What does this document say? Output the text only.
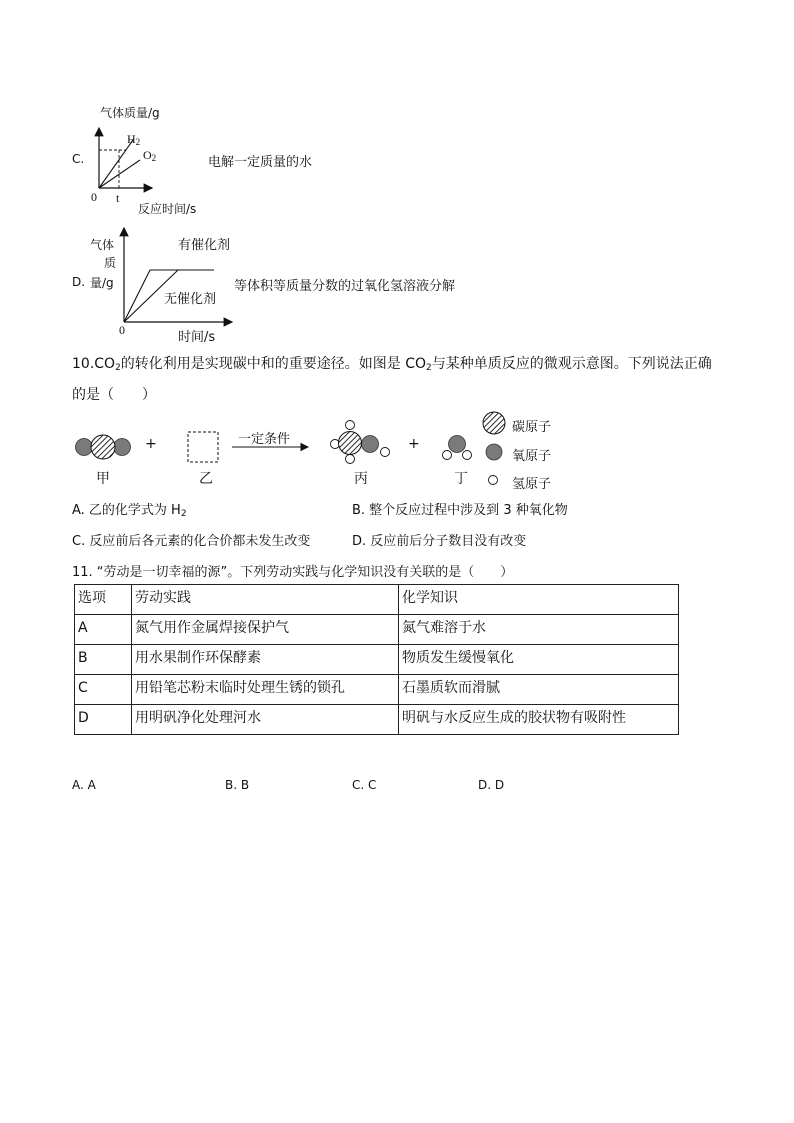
气体质量/g
C.
$H_2$
$O_2$
0 t
反应时间/s
电解一定质量的水
气体
质
D. 量/g
有催化剂
无催化剂
0	时间/s
等体积等质量分数的过氧化氢溶液分解
$10.CO_2$的转化利用是实现碳中和的重要途径。如图是 $CO_2$与某种单质反应的微观示意图。下列说法正确
的是（　　）
+	+
一定条件
甲	乙	丙	丁
碳原子
氧原子
氢原子
A. 乙的化学式为 $H_2$	B. 整个反应过程中涉及到 3 种氧化物
C. 反应前后各元素的化合价都未发生改变	D. 反应前后分子数目没有改变
11. “劳动是一切幸福的源”。下列劳动实践与化学知识没有关联的是（　　）
选项	劳动实践	化学知识
A	氮气用作金属焊接保护气	氮气难溶于水
B	用水果制作环保酵素	物质发生缓慢氧化
C	用铅笔芯粉末临时处理生锈的锁孔	石墨质软而滑腻
D	用明矾净化处理河水	明矾与水反应生成的胶状物有吸附性
A. A	B. B	C. C	D. D
